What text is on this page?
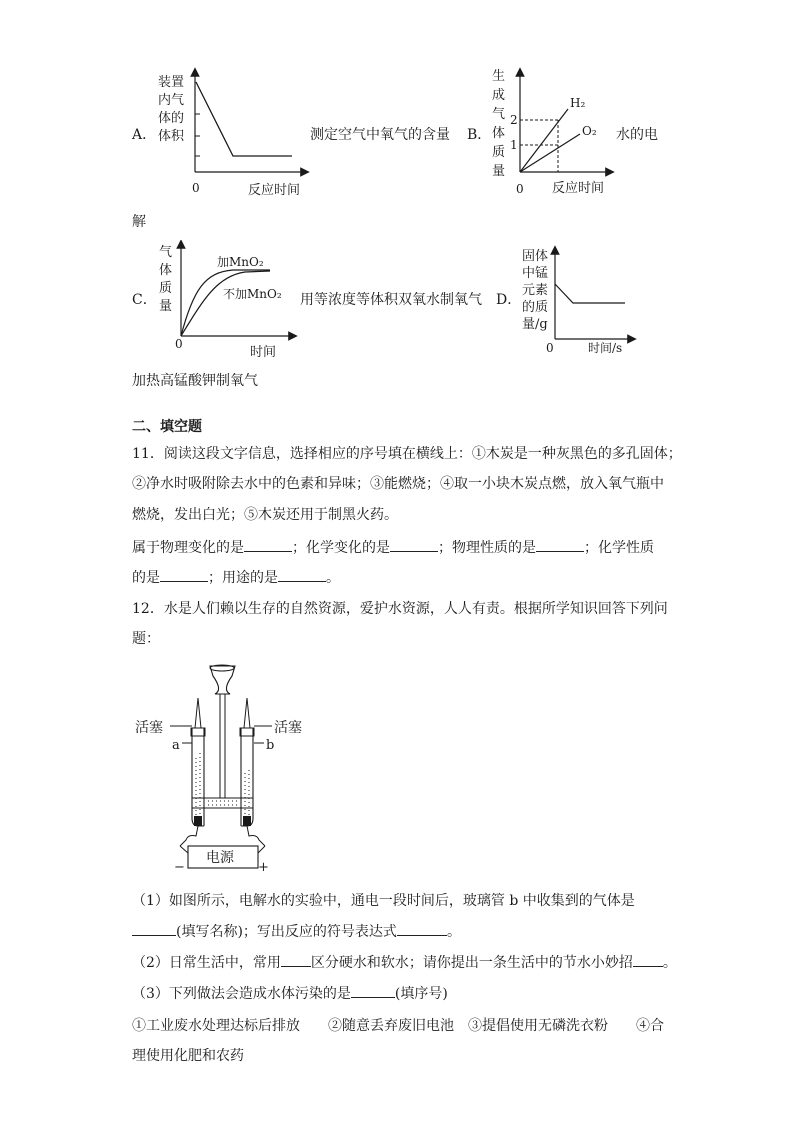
A．
装置
内气
体的
体积
0	反应时间
测定空气中氧气的含量 B．
生
成
气
体
质
量
2
1
H₂
O₂
0 反应时间
水的电
解
C．
气
体
质
量
加MnO₂
不加MnO₂
0
时间
用等浓度等体积双氧水制氧气 D．
固体
中锰
元素
的质
量/g
0	时间/s
加热高锰酸钾制氧气
二、填空题
11．阅读这段文字信息，选择相应的序号填在横线上：①木炭是一种灰黑色的多孔固体；
②净水时吸附除去水中的色素和异味；③能燃烧；④取一小块木炭点燃，放入氧气瓶中
燃烧，发出白光；⑤木炭还用于制黑火药。
属于物理变化的是	；化学变化的是	；物理性质的是	；化学性质
的是	；用途的是	。
12．水是人们赖以生存的自然资源，爱护水资源，人人有责。根据所学知识回答下列问
题：
活塞	活塞
a	b
电源
−	+
（1）如图所示，电解水的实验中，通电一段时间后，玻璃管 b 中收集到的气体是
(填写名称)；写出反应的符号表达式	。
（2）日常生活中，常用 区分硬水和软水；请你提出一条生活中的节水小妙招 。
（3）下列做法会造成水体污染的是	(填序号)
①工业废水处理达标后排放　　②随意丢弃废旧电池　③提倡使用无磷洗衣粉　　④合
理使用化肥和农药
